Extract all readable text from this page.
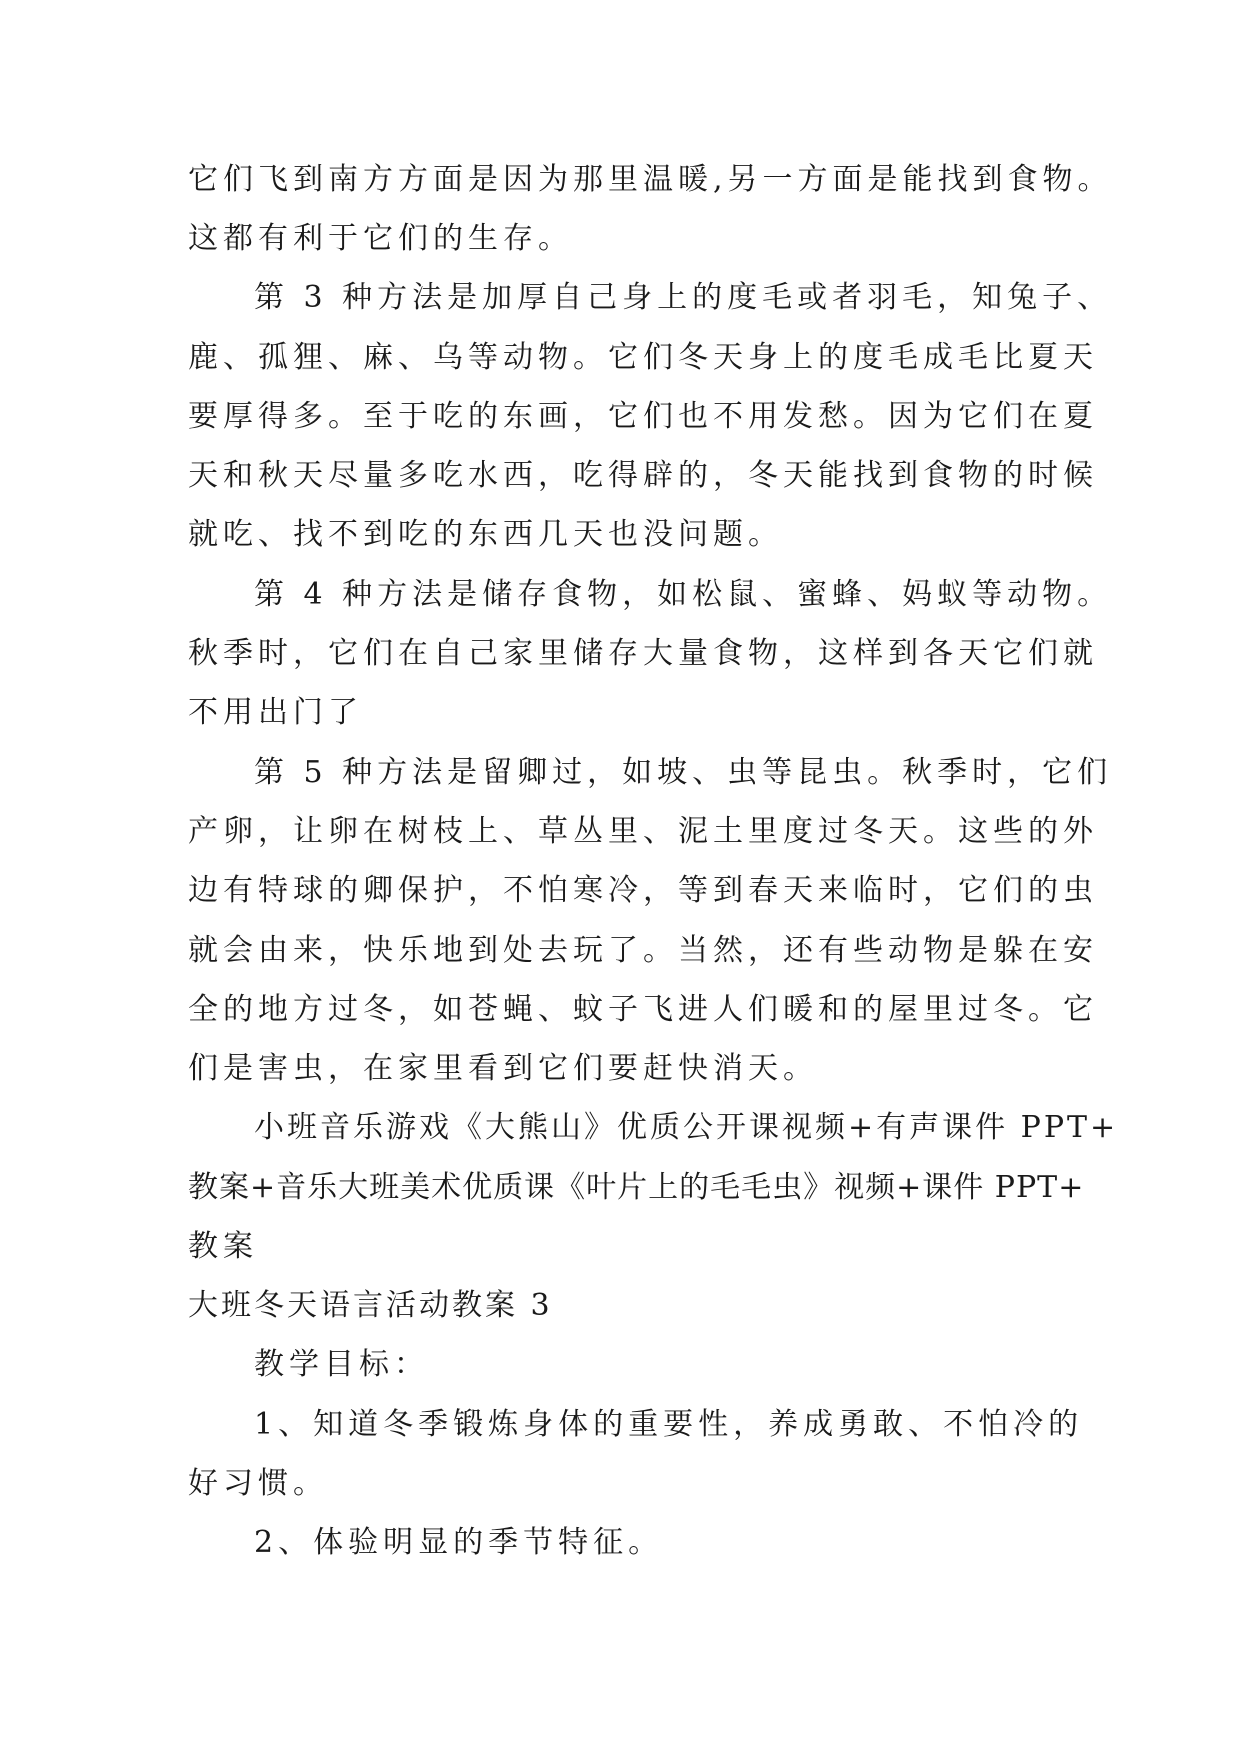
它们飞到南方方面是因为那里温暖,另一方面是能找到食物。

这都有利于它们的生存。

第 3 种方法是加厚自己身上的度毛或者羽毛，知兔子、

鹿、孤狸、麻、乌等动物。它们冬天身上的度毛成毛比夏天

要厚得多。至于吃的东画，它们也不用发愁。因为它们在夏

天和秋天尽量多吃水西，吃得辟的，冬天能找到食物的时候

就吃、找不到吃的东西几天也没问题。

第 4 种方法是储存食物，如松鼠、蜜蜂、妈蚁等动物。

秋季时，它们在自己家里储存大量食物，这样到各天它们就

不用出门了

第 5 种方法是留卿过，如坡、虫等昆虫。秋季时，它们

产卵，让卵在树枝上、草丛里、泥土里度过冬天。这些的外

边有特球的卿保护，不怕寒冷，等到春天来临时，它们的虫

就会由来，快乐地到处去玩了。当然，还有些动物是躲在安

全的地方过冬，如苍蝇、蚊子飞进人们暖和的屋里过冬。它

们是害虫，在家里看到它们要赶快消天。

小班音乐游戏《大熊山》优质公开课视频+有声课件 PPT+

教案+音乐大班美术优质课《叶片上的毛毛虫》视频+课件 PPT+

教案

大班冬天语言活动教案 3

教学目标：

1、知道冬季锻炼身体的重要性，养成勇敢、不怕冷的

好习惯。

2、体验明显的季节特征。
